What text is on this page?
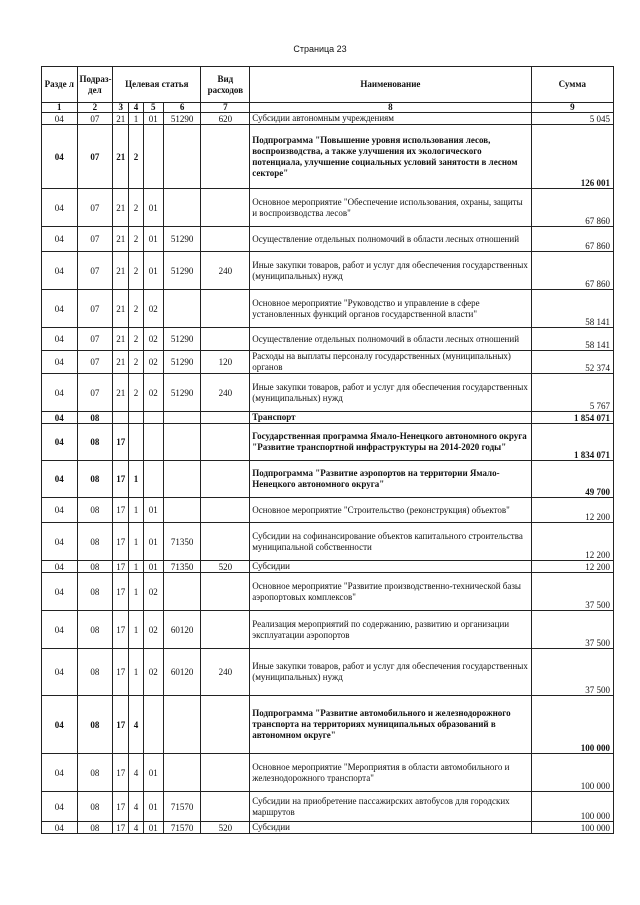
Страница 23
Разде л	Подраз- дел	Целевая статья				Вид расходов	Наименование	Сумма
1	2	3	4	5	6	7	8	9
04	07	21	1	01	51290	620	Субсидии автономным учреждениям	5 045
04	07	21	2				Подпрограмма "Повышение уровня использования лесов, воспроизводства, а также улучшения их экологического потенциала, улучшение социальных условий занятости в лесном секторе"	126 001
04	07	21	2	01			Основное мероприятие "Обеспечение использования, охраны, защиты и воспроизводства лесов"	67 860
04	07	21	2	01	51290		Осуществление отдельных полномочий в области лесных отношений	67 860
04	07	21	2	01	51290	240	Иные закупки товаров, работ и услуг для обеспечения государственных (муниципальных) нужд	67 860
04	07	21	2	02			Основное мероприятие "Руководство и управление в сфере установленных функций органов государственной власти"	58 141
04	07	21	2	02	51290		Осуществление отдельных полномочий в области лесных отношений	58 141
04	07	21	2	02	51290	120	Расходы на выплаты персоналу государственных (муниципальных) органов	52 374
04	07	21	2	02	51290	240	Иные закупки товаров, работ и услуг для обеспечения государственных (муниципальных) нужд	5 767
04	08						Транспорт	1 854 071
04	08	17					Государственная программа Ямало-Ненецкого автономного округа "Развитие транспортной инфраструктуры на 2014-2020 годы"	1 834 071
04	08	17	1				Подпрограмма "Развитие аэропортов на территории Ямало-Ненецкого автономного округа"	49 700
04	08	17	1	01			Основное мероприятие "Строительство (реконструкция) объектов"	12 200
04	08	17	1	01	71350		Субсидии на софинансирование объектов капитального строительства муниципальной собственности	12 200
04	08	17	1	01	71350	520	Субсидии	12 200
04	08	17	1	02			Основное мероприятие "Развитие производственно-технической базы аэропортовых комплексов"	37 500
04	08	17	1	02	60120		Реализация мероприятий по содержанию, развитию и организации эксплуатации аэропортов	37 500
04	08	17	1	02	60120	240	Иные закупки товаров, работ и услуг для обеспечения государственных (муниципальных) нужд	37 500
04	08	17	4				Подпрограмма "Развитие автомобильного и железнодорожного транспорта на территориях муниципальных образований в автономном округе"	100 000
04	08	17	4	01			Основное мероприятие "Мероприятия в области автомобильного и железнодорожного транспорта"	100 000
04	08	17	4	01	71570		Субсидии на приобретение пассажирских автобусов для городских маршрутов	100 000
04	08	17	4	01	71570	520	Субсидии	100 000
